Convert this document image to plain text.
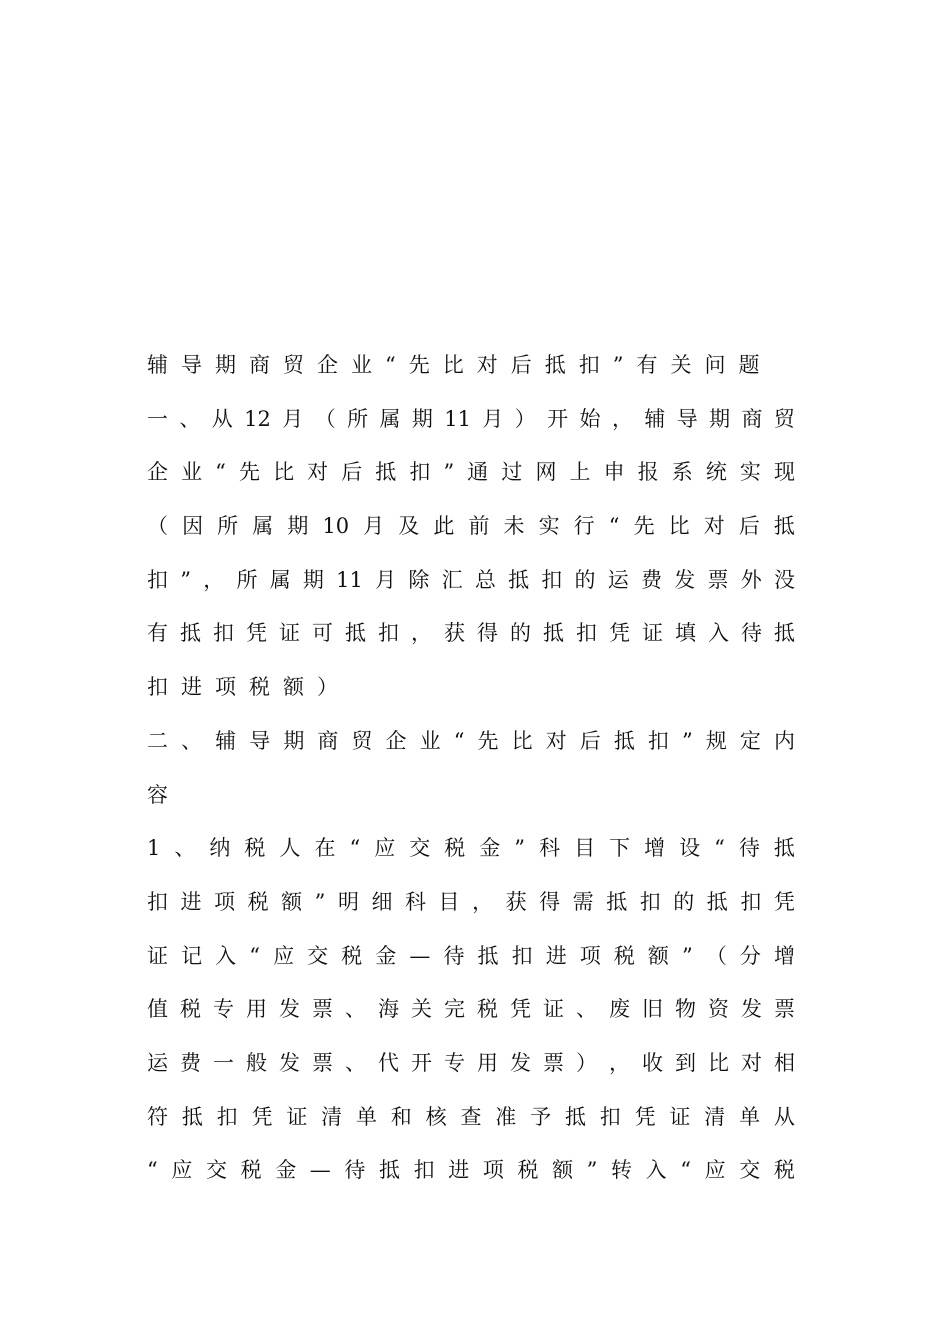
辅 导 期 商 贸 企 业 “ 先 比 对 后 抵 扣 ” 有 关 问 题
一 、 从 12 月 （ 所 属 期 11 月 ） 开 始 ， 辅 导 期 商 贸
企 业 “ 先 比 对 后 抵 扣 ” 通 过 网 上 申 报 系 统 实 现
（ 因 所 属 期 10 月 及 此 前 未 实 行 “ 先 比 对 后 抵
扣 ” ， 所 属 期 11 月 除 汇 总 抵 扣 的 运 费 发 票 外 没
有 抵 扣 凭 证 可 抵 扣 ， 获 得 的 抵 扣 凭 证 填 入 待 抵
扣 进 项 税 额 ）
二 、 辅 导 期 商 贸 企 业 “ 先 比 对 后 抵 扣 ” 规 定 内
容
1 、 纳 税 人 在 “ 应 交 税 金 ” 科 目 下 增 设 “ 待 抵
扣 进 项 税 额 ” 明 细 科 目 ， 获 得 需 抵 扣 的 抵 扣 凭
证 记 入 “ 应 交 税 金 — 待 抵 扣 进 项 税 额 ” （ 分 增
值 税 专 用 发 票 、 海 关 完 税 凭 证 、 废 旧 物 资 发 票
运 费 一 般 发 票 、 代 开 专 用 发 票 ） ， 收 到 比 对 相
符 抵 扣 凭 证 清 单 和 核 查 准 予 抵 扣 凭 证 清 单 从
“ 应 交 税 金 — 待 抵 扣 进 项 税 额 ” 转 入 “ 应 交 税
